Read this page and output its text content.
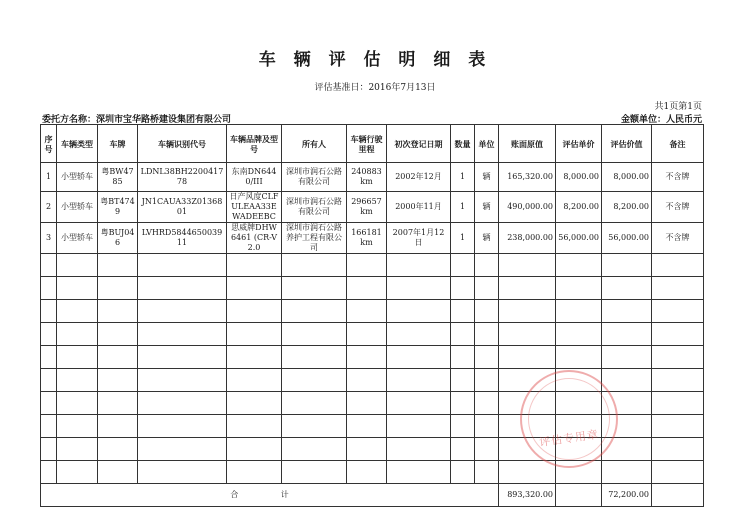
车 辆 评 估 明 细 表
评估基准日：2016年7月13日
共1页第1页
委托方名称：深圳市宝华路桥建设集团有限公司	金额单位：人民币元
序号	车辆类型	车牌	车辆识别代号	车辆品牌及型号	所有人	车辆行驶里程	初次登记日期	数量	单位	账面原值	评估单价	评估价值	备注
1	小型轿车	粤BW4785	LDNL38BH220041778	东南DN6440/III	深圳市润石公路有限公司	240883km	2002年12月	1	辆	165,320.00	8,000.00	8,000.00	不含牌
2	小型轿车	粤BT4749	JN1CAUA33Z0136801	日产风度CLFULEAA33E WADEEBC	深圳市润石公路有限公司	296657km	2000年11月	1	辆	490,000.00	8,200.00	8,200.00	不含牌
3	小型轿车	粤BUJ046	LVHRD584465003911	思威牌DHW6461 (CR-V 2.0	深圳市润石公路养护工程有限公司	166181km	2007年1月12日	1	辆	238,000.00	56,000.00	56,000.00	不含牌

合 计										893,320.00		72,200.00	
评估专用章
